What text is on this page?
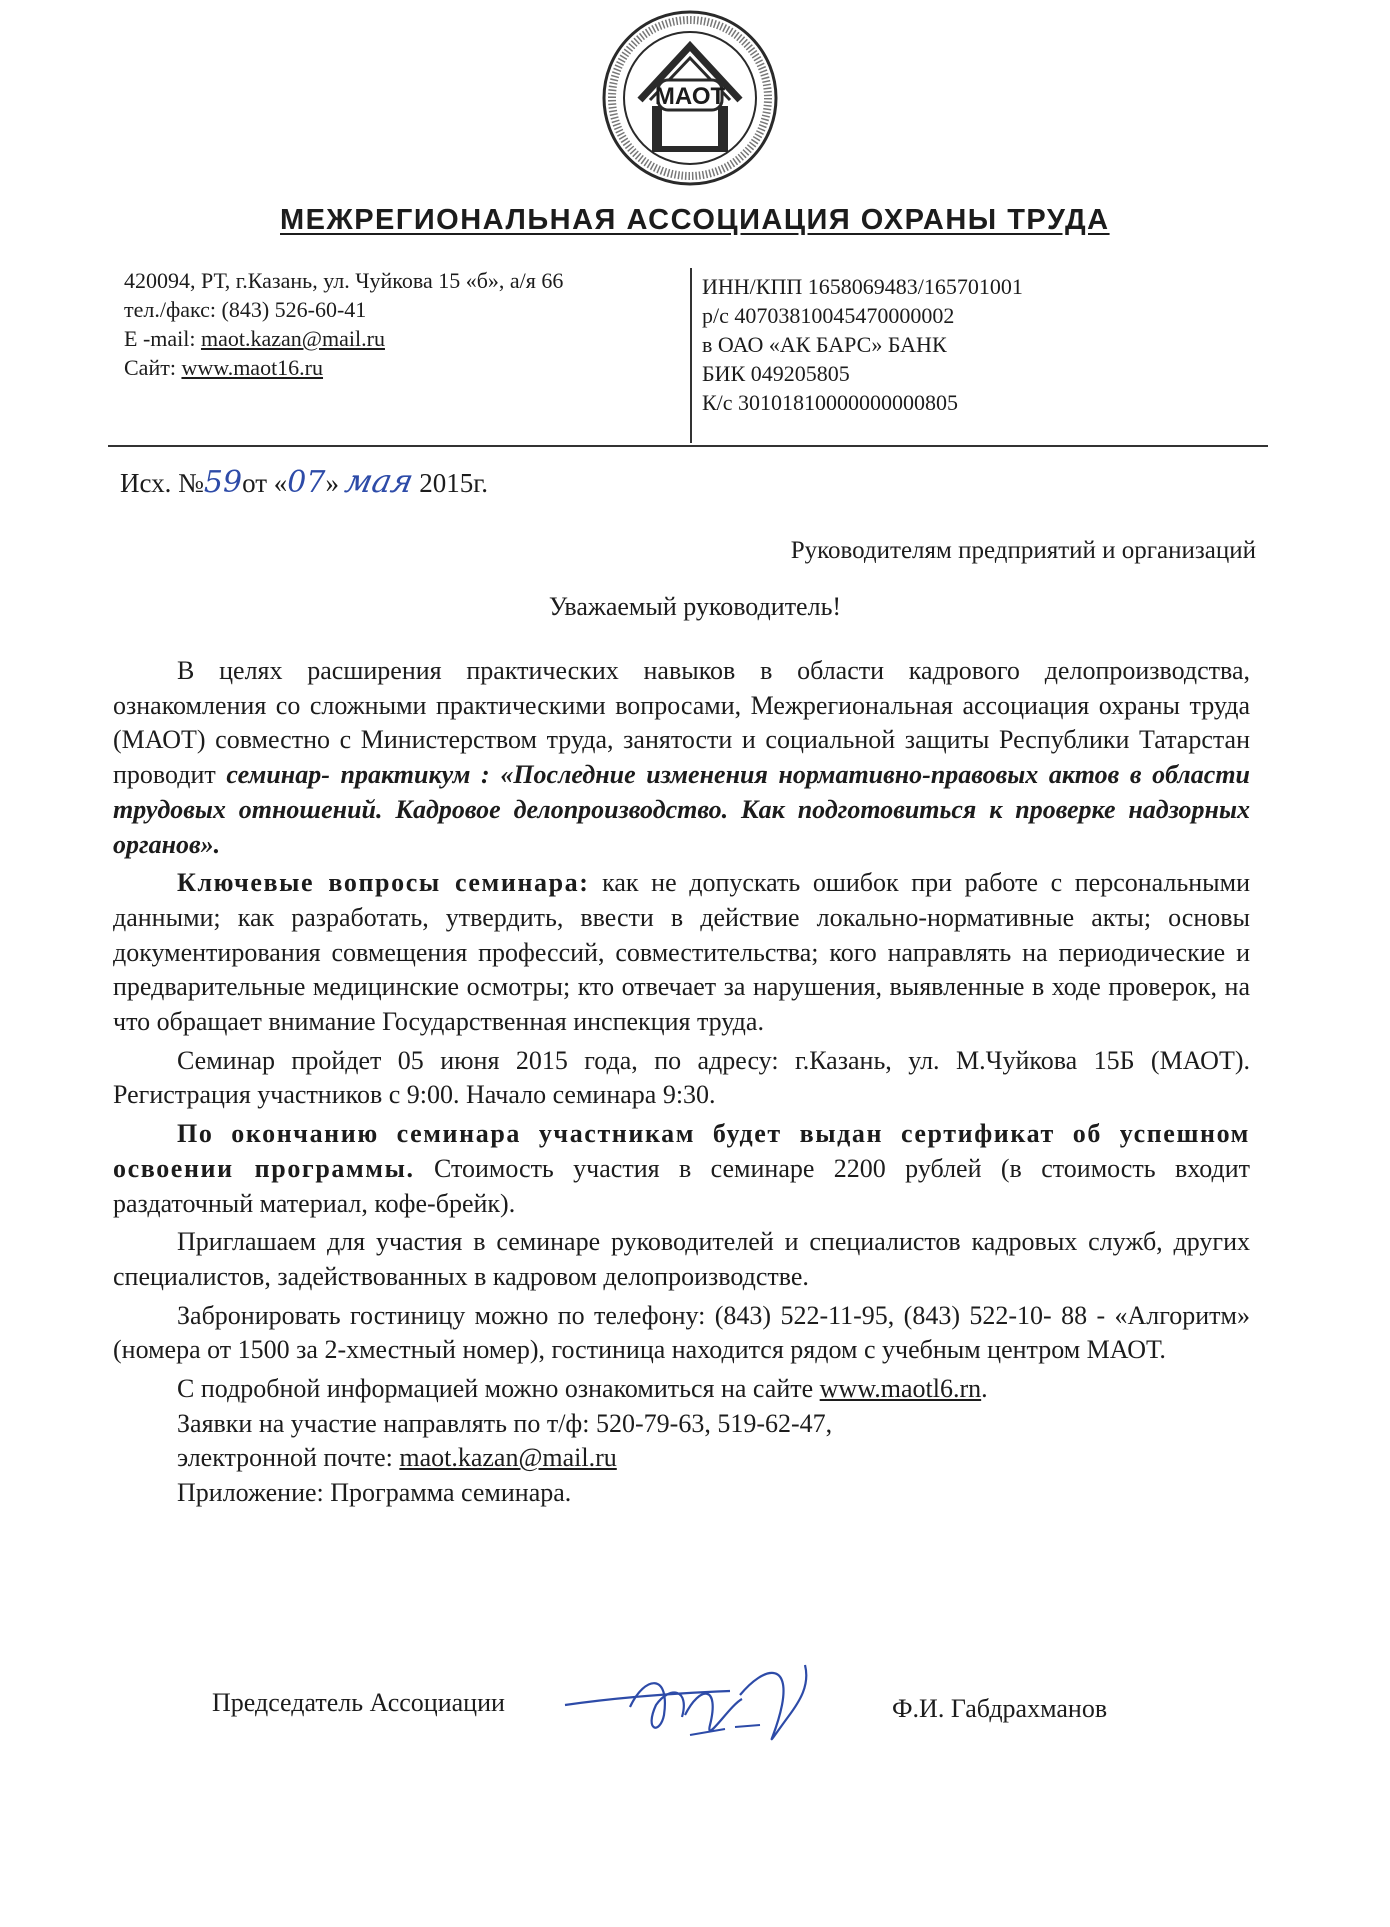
МАОТ
МЕЖРЕГИОНАЛЬНАЯ АССОЦИАЦИЯ ОХРАНЫ ТРУДА
420094, РТ, г.Казань, ул. Чуйкова 15 «б», а/я 66
тел./факс: (843) 526-60-41
E -mail: maot.kazan@mail.ru
Сайт: www.maot16.ru
ИНН/КПП 1658069483/165701001
р/с 40703810045470000002
в ОАО «АК БАРС» БАНК
БИК 049205805
К/с 30101810000000000805
Исх. №59от «07» мая 2015г.
Руководителям предприятий и организаций
Уважаемый руководитель!

В целях расширения практических навыков в области кадрового делопроизводства, ознакомления со сложными практическими вопросами, Межрегиональная ассоциация охраны труда (МАОТ) совместно с Министерством труда, занятости и социальной защиты Республики Татарстан проводит семинар- практикум : «Последние изменения нормативно-правовых актов в области трудовых отношений. Кадровое делопроизводство. Как подготовиться к проверке надзорных органов».

Ключевые вопросы семинара: как не допускать ошибок при работе с персональными данными; как разработать, утвердить, ввести в действие локально-нормативные акты; основы документирования совмещения профессий, совместительства; кого направлять на периодические и предварительные медицинские осмотры; кто отвечает за нарушения, выявленные в ходе проверок, на что обращает внимание Государственная инспекция труда.

Семинар пройдет 05 июня 2015 года, по адресу: г.Казань, ул. М.Чуйкова 15Б (МАОТ). Регистрация участников с 9:00. Начало семинара 9:30.

По окончанию семинара участникам будет выдан сертификат об успешном освоении программы. Стоимость участия в семинаре 2200 рублей (в стоимость входит раздаточный материал, кофе-брейк).

Приглашаем для участия в семинаре руководителей и специалистов кадровых служб, других специалистов, задействованных в кадровом делопроизводстве.

Забронировать гостиницу можно по телефону: (843) 522-11-95, (843) 522-10- 88 - «Алгоритм» (номера от 1500 за 2-хместный номер), гостиница находится рядом с учебным центром МАОТ.

С подробной информацией можно ознакомиться на сайте www.maotl6.rn.
Заявки на участие направлять по т/ф: 520-79-63, 519-62-47,
электронной почте: maot.kazan@mail.ru
Приложение: Программа семинара.
Председатель Ассоциации	Ф.И. Габдрахманов
